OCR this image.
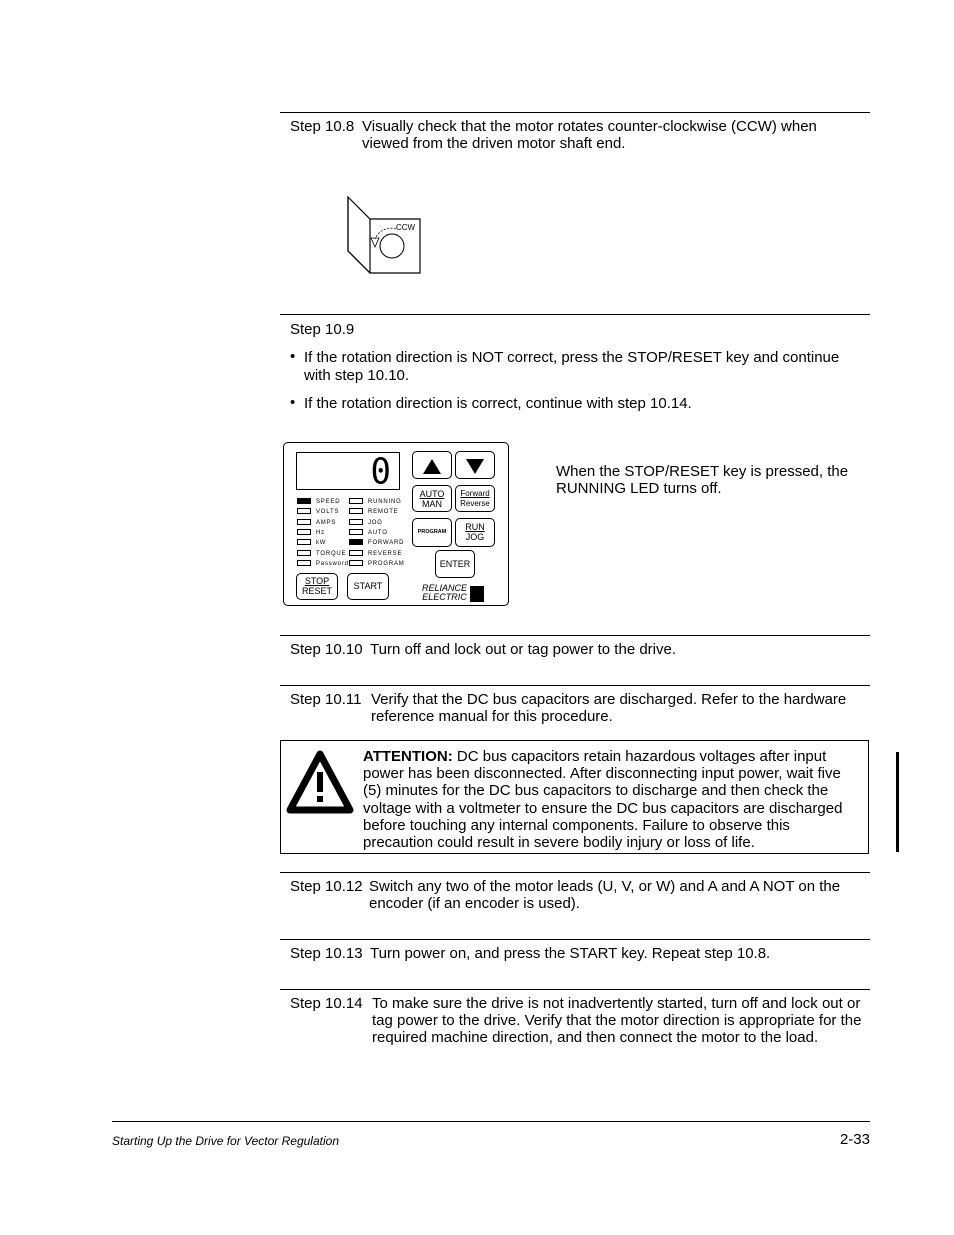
Step 10.8 Visually check that the motor rotates counter-clockwise (CCW) when viewed from the driven motor shaft end.
CCW
Step 10.9
• If the rotation direction is NOT correct, press the STOP/RESET key and continue with step 10.10.
• If the rotation direction is correct, continue with step 10.14.
0
SPEED
VOLTS
AMPS
Hz
kW
TORQUE
Password
RUNNING
REMOTE
JOG
AUTO
FORWARD
REVERSE
PROGRAM
AUTO
MAN
Forward
Reverse
PROGRAM	RUN
JOG
ENTER
STOP
RESET	START	RELIANCE
ELECTRIC
When the STOP/RESET key is pressed, the RUNNING LED turns off.
Step 10.10 Turn off and lock out or tag power to the drive.
Step 10.11 Verify that the DC bus capacitors are discharged. Refer to the hardware reference manual for this procedure.
ATTENTION: DC bus capacitors retain hazardous voltages after input power has been disconnected. After disconnecting input power, wait five (5) minutes for the DC bus capacitors to discharge and then check the voltage with a voltmeter to ensure the DC bus capacitors are discharged before touching any internal components. Failure to observe this precaution could result in severe bodily injury or loss of life.
Step 10.12 Switch any two of the motor leads (U, V, or W) and A and A NOT on the encoder (if an encoder is used).
Step 10.13 Turn power on, and press the START key. Repeat step 10.8.
Step 10.14 To make sure the drive is not inadvertently started, turn off and lock out or tag power to the drive. Verify that the motor direction is appropriate for the required machine direction, and then connect the motor to the load.
Starting Up the Drive for Vector Regulation	2-33
